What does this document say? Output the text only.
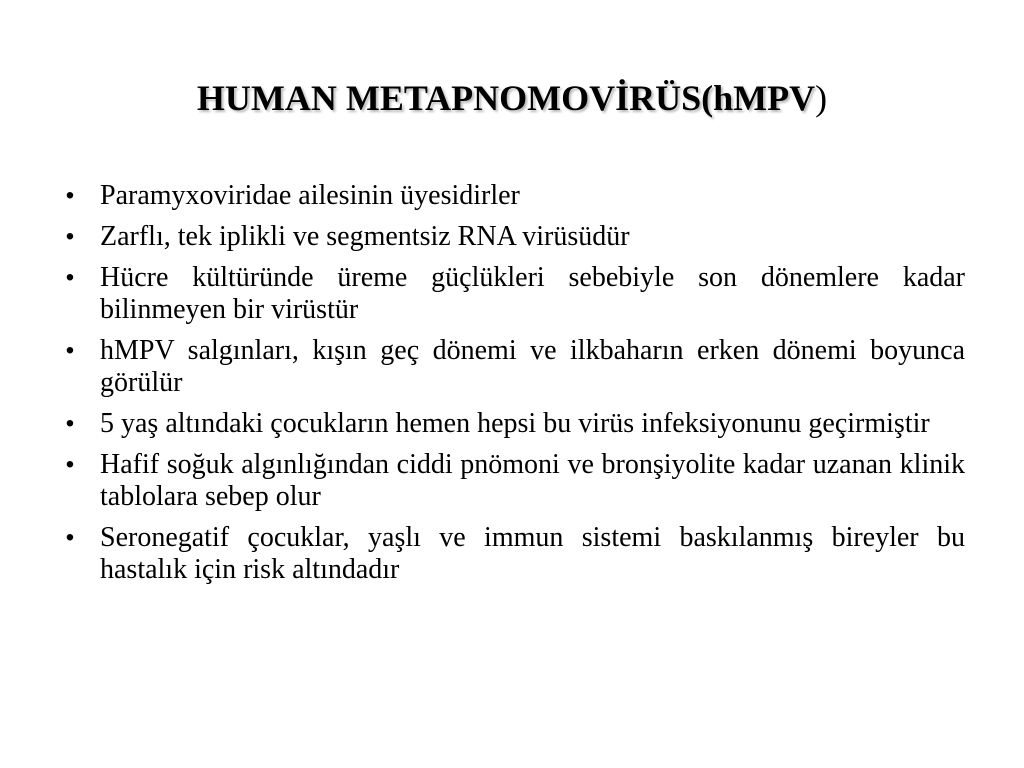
HUMAN METAPNOMOVİRÜS(hMPV)
• Paramyxoviridae ailesinin üyesidirler
• Zarflı, tek iplikli ve segmentsiz RNA virüsüdür
• Hücre kültüründe üreme güçlükleri sebebiyle son dönemlere kadar bilinmeyen bir virüstür
• hMPV salgınları, kışın geç dönemi ve ilkbaharın erken dönemi boyunca görülür
• 5 yaş altındaki çocukların hemen hepsi bu virüs infeksiyonunu geçirmiştir
• Hafif soğuk algınlığından ciddi pnömoni ve bronşiyolite kadar uzanan klinik tablolara sebep olur
• Seronegatif çocuklar, yaşlı ve immun sistemi baskılanmış bireyler bu hastalık için risk altındadır
